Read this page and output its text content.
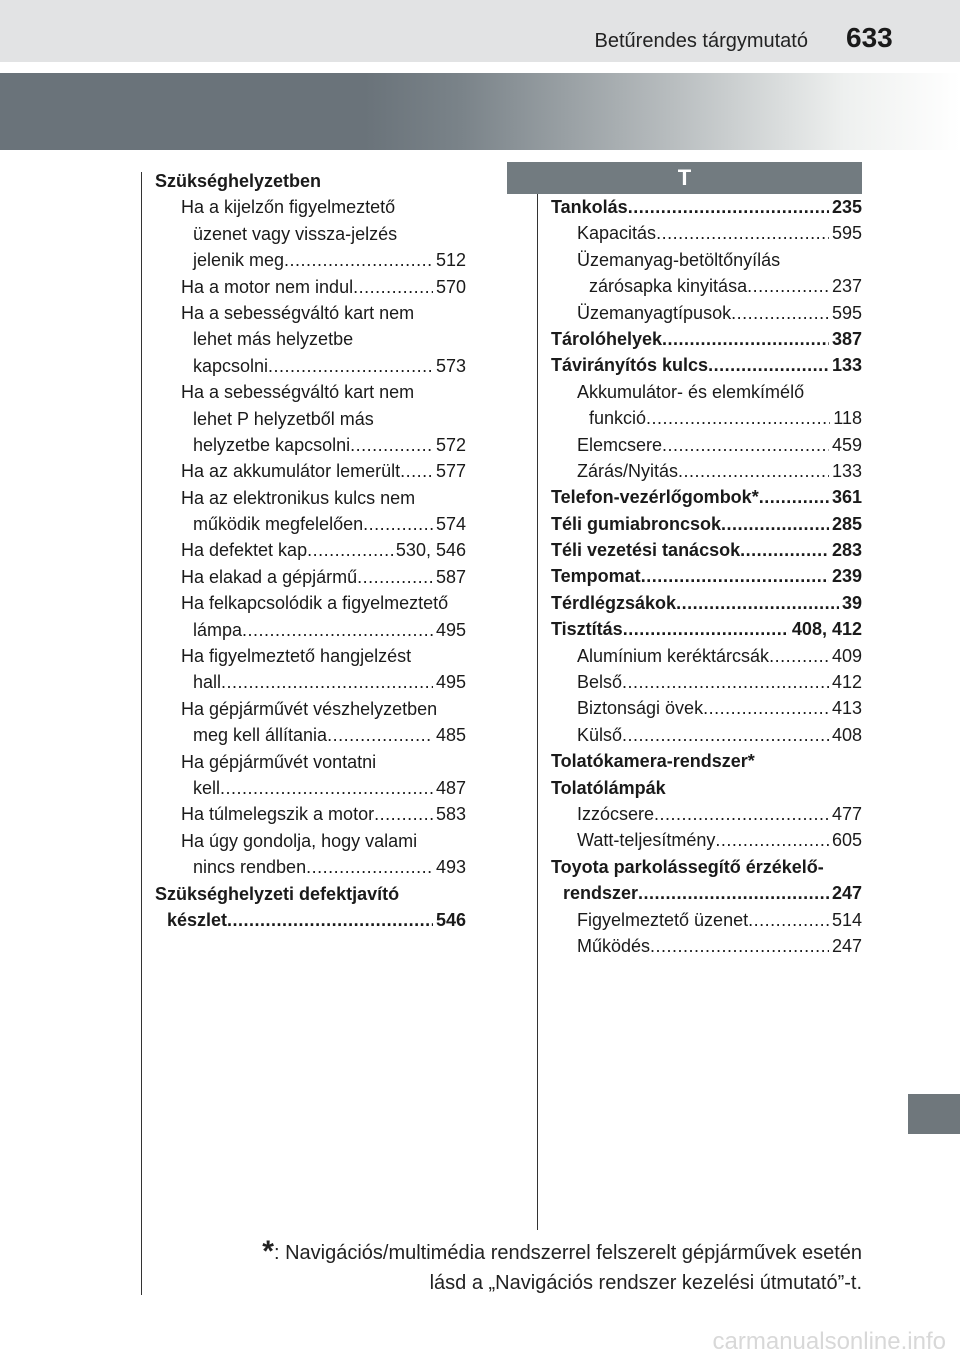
Betűrendes tárgymutató 633
T
Szükséghelyzetben
Ha a kijelzőn figyelmeztető
üzenet vagy vissza-jelzés
jelenik meg .....	512
Ha a motor nem indul .....	570
Ha a sebességváltó kart nem
lehet más helyzetbe
kapcsolni .....	573
Ha a sebességváltó kart nem
lehet P helyzetből más
helyzetbe kapcsolni .....	572
Ha az akkumulátor lemerült ..... 577
Ha az elektronikus kulcs nem
működik megfelelően .....	574
Ha defektet kap .....	530, 546
Ha elakad a gépjármű .....	587
Ha felkapcsolódik a figyelmeztető
lámpa .....	495
Ha figyelmeztető hangjelzést
hall .....	495
Ha gépjárművét vészhelyzetben
meg kell állítania .....	485
Ha gépjárművét vontatni
kell .....	487
Ha túlmelegszik a motor .....	583
Ha úgy gondolja, hogy valami
nincs rendben .....	493
Szükséghelyzeti defektjavító
készlet .....	546
Tankolás .....	235
Kapacitás .....	595
Üzemanyag-betöltőnyílás
zárósapka kinyitása .....	237
Üzemanyagtípusok .....	595
Tárolóhelyek .....	387
Távirányítós kulcs .....	133
Akkumulátor- és elemkímélő
funkció .....	118
Elemcsere .....	459
Zárás/Nyitás .....	133
Telefon-vezérlőgombok* .....	361
Téli gumiabroncsok .....	285
Téli vezetési tanácsok .....	283
Tempomat .....	239
Térdlégzsákok .....	39
Tisztítás .....	408, 412
Alumínium keréktárcsák .....	409
Belső .....	412
Biztonsági övek .....	413
Külső .....	408
Tolatókamera-rendszer*
Tolatólámpák
Izzócsere .....	477
Watt-teljesítmény .....	605
Toyota parkolássegítő érzékelő-
rendszer .....	247
Figyelmeztető üzenet .....	514
Működés .....	247
*: Navigációs/multimédia rendszerrel felszerelt gépjárművek esetén
lásd a „Navigációs rendszer kezelési útmutató”-t.
carmanualsonline.info
